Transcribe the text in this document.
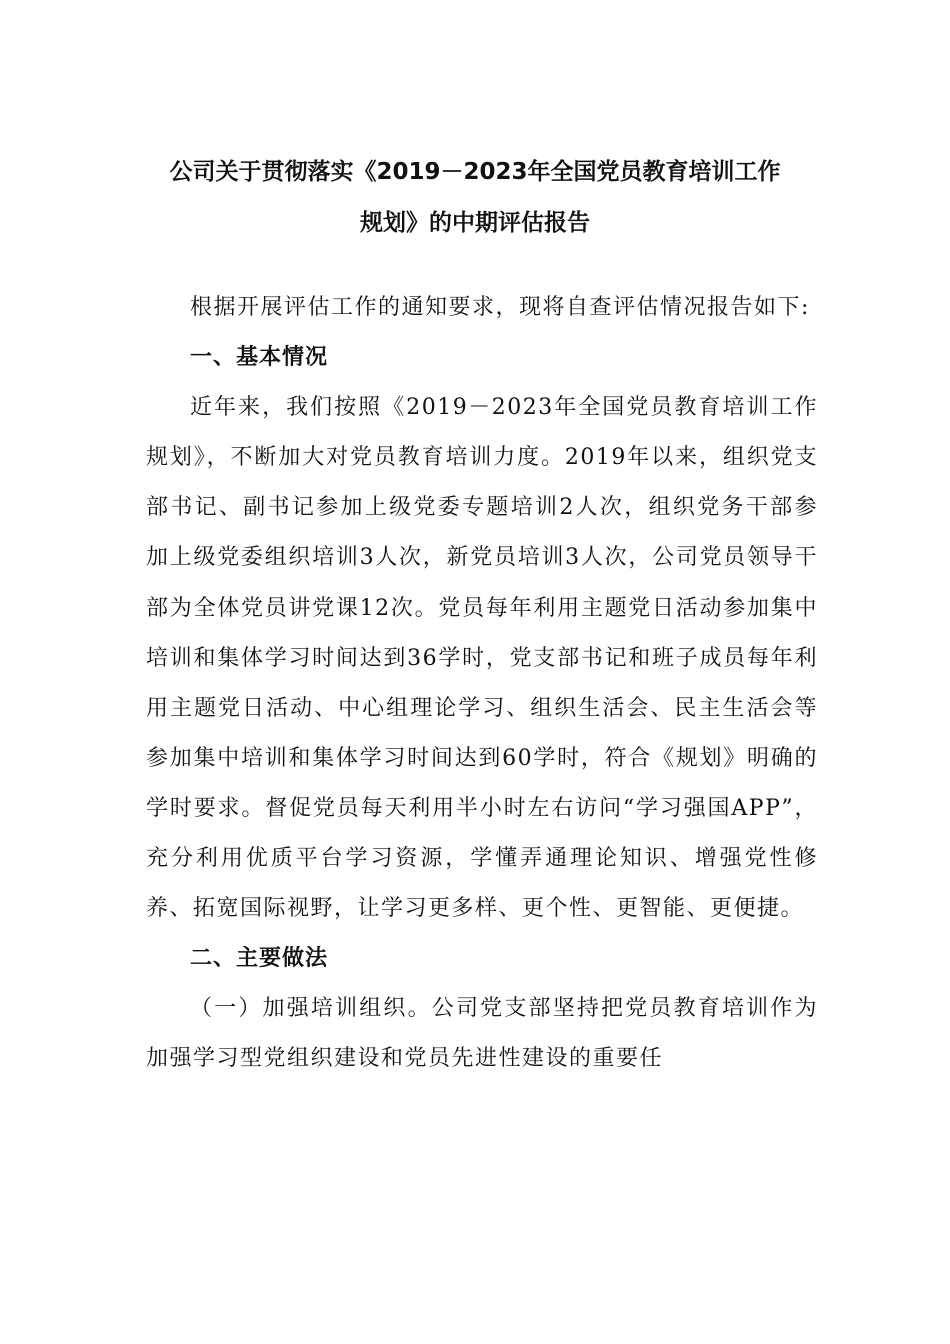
公司关于贯彻落实《2019－2023年全国党员教育培训工作
规划》的中期评估报告

根据开展评估工作的通知要求，现将自查评估情况报告如下:

一、基本情况

近年来，我们按照《2019－2023年全国党员教育培训工作规划》，不断加大对党员教育培训力度。2019年以来，组织党支部书记、副书记参加上级党委专题培训2人次，组织党务干部参加上级党委组织培训3人次，新党员培训3人次，公司党员领导干部为全体党员讲党课12次。党员每年利用主题党日活动参加集中培训和集体学习时间达到36学时，党支部书记和班子成员每年利用主题党日活动、中心组理论学习、组织生活会、民主生活会等参加集中培训和集体学习时间达到60学时，符合《规划》明确的学时要求。督促党员每天利用半小时左右访问“学习强国APP”，充分利用优质平台学习资源，学懂弄通理论知识、增强党性修养、拓宽国际视野，让学习更多样、更个性、更智能、更便捷。

二、主要做法

（一）加强培训组织。公司党支部坚持把党员教育培训作为加强学习型党组织建设和党员先进性建设的重要任
